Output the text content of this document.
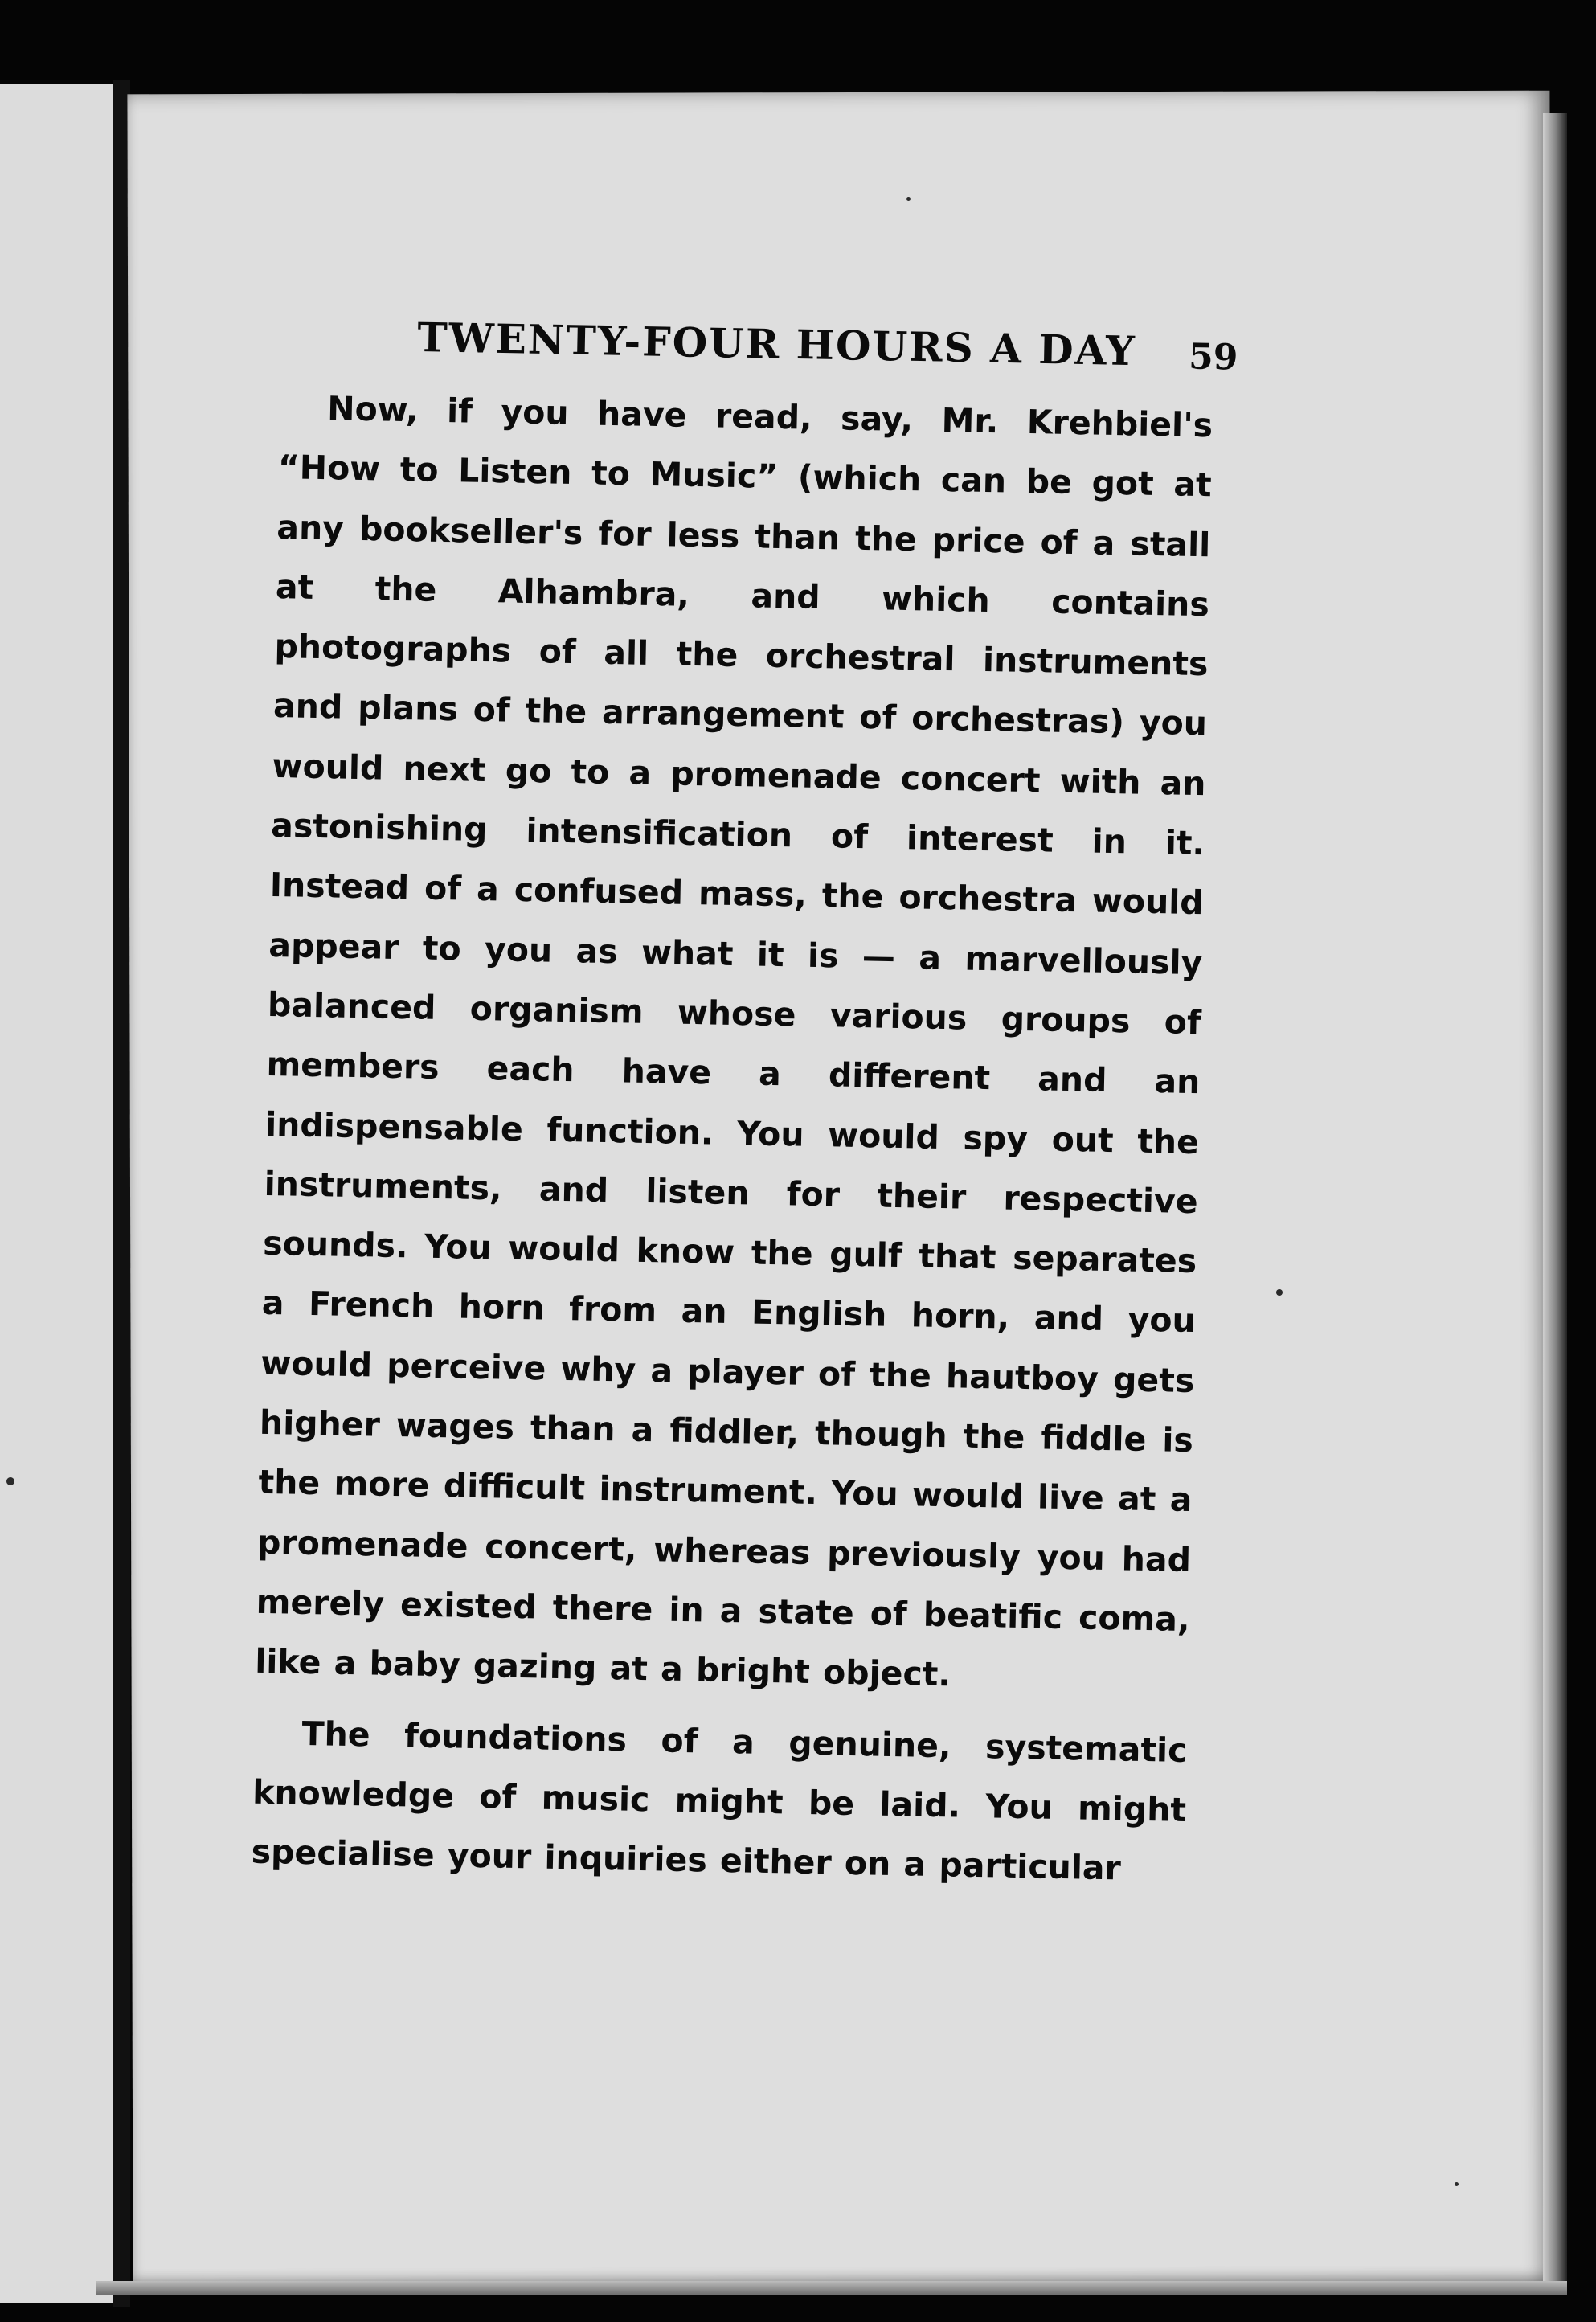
TWENTY-FOUR HOURS A DAY 59

Now, if you have read, say, Mr. Krehbiel's “How to Listen to Music” (which can be got at any bookseller's for less than the price of a stall at the Alhambra, and which contains photographs of all the orchestral instruments and plans of the arrangement of orchestras) you would next go to a promenade concert with an astonishing intensification of interest in it. Instead of a confused mass, the orchestra would appear to you as what it is — a marvellously balanced organism whose various groups of members each have a different and an indispensable function. You would spy out the instruments, and listen for their respective sounds. You would know the gulf that separates a French horn from an English horn, and you would perceive why a player of the hautboy gets higher wages than a fiddler, though the fiddle is the more difficult instrument. You would live at a promenade concert, whereas previously you had merely existed there in a state of beatific coma, like a baby gazing at a bright object.

The foundations of a genuine, systematic knowledge of music might be laid. You might specialise your inquiries either on a particular
